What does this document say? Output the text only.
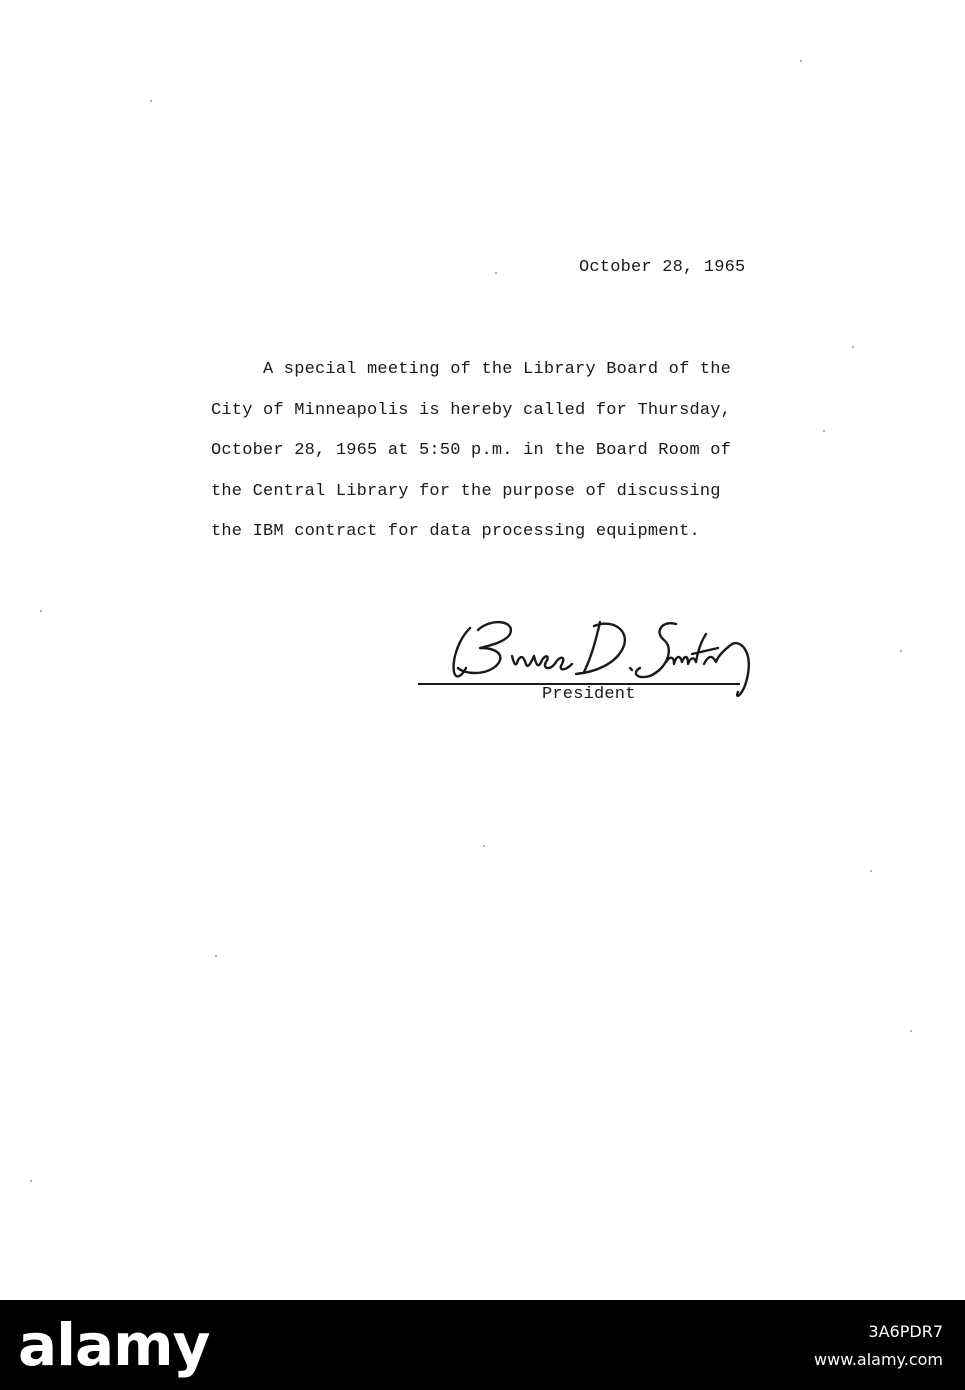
October 28, 1965
A special meeting of the Library Board of the
City of Minneapolis is hereby called for Thursday,
October 28, 1965 at 5:50 p.m. in the Board Room of
the Central Library for the purpose of discussing
the IBM contract for data processing equipment.
President
alamy	3A6PDR7
www.alamy.com
